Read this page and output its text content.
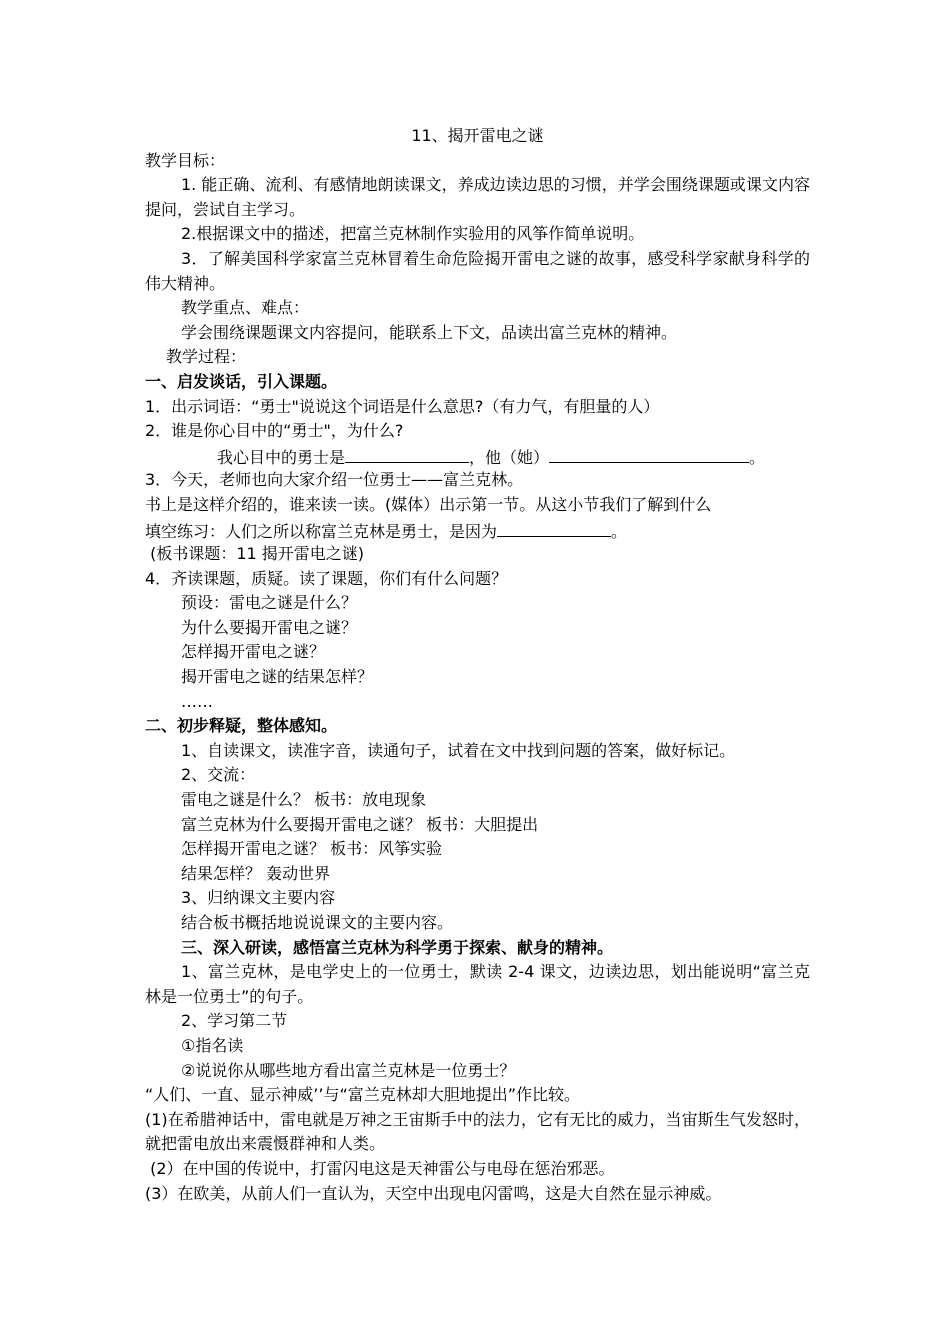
11、揭开雷电之谜
教学目标：
1. 能正确、流利、有感情地朗读课文，养成边读边思的习惯，并学会围绕课题或课文内容提问，尝试自主学习。
2.根据课文中的描述，把富兰克林制作实验用的风筝作简单说明。
3．了解美国科学家富兰克林冒着生命危险揭开雷电之谜的故事，感受科学家献身科学的伟大精神。
教学重点、难点：
学会围绕课题课文内容提问，能联系上下文，品读出富兰克林的精神。
教学过程：
一、启发谈话，引入课题。
1．出示词语：“勇士"说说这个词语是什么意思?（有力气，有胆量的人）
2．谁是你心目中的“勇士"，为什么?
我心目中的勇士是	，他（她）	。
3．今天，老师也向大家介绍一位勇士——富兰克林。
书上是这样介绍的，谁来读一读。(媒体）出示第一节。从这小节我们了解到什么
填空练习：人们之所以称富兰克林是勇士，是因为	。
(板书课题：11 揭开雷电之谜)
4．齐读课题，质疑。读了课题，你们有什么问题？
预设：雷电之谜是什么？
为什么要揭开雷电之谜？
怎样揭开雷电之谜？
揭开雷电之谜的结果怎样？
……
二、初步释疑，整体感知。
1、自读课文，读准字音，读通句子，试着在文中找到问题的答案，做好标记。
2、交流：
雷电之谜是什么？ 板书：放电现象
富兰克林为什么要揭开雷电之谜？ 板书：大胆提出
怎样揭开雷电之谜？ 板书：风筝实验
结果怎样？ 轰动世界
3、归纳课文主要内容
结合板书概括地说说课文的主要内容。
三、深入研读，感悟富兰克林为科学勇于探索、献身的精神。
1、富兰克林，是电学史上的一位勇士，默读 2-4 课文，边读边思，划出能说明“富兰克林是一位勇士”的句子。
2、学习第二节
①指名读
②说说你从哪些地方看出富兰克林是一位勇士？
“人们、一直、显示神威’’与“富兰克林却大胆地提出”作比较。
(1)在希腊神话中，雷电就是万神之王宙斯手中的法力，它有无比的威力，当宙斯生气发怒时，就把雷电放出来震慑群神和人类。
(2）在中国的传说中，打雷闪电这是天神雷公与电母在惩治邪恶。
(3）在欧美，从前人们一直认为，天空中出现电闪雷鸣，这是大自然在显示神威。
